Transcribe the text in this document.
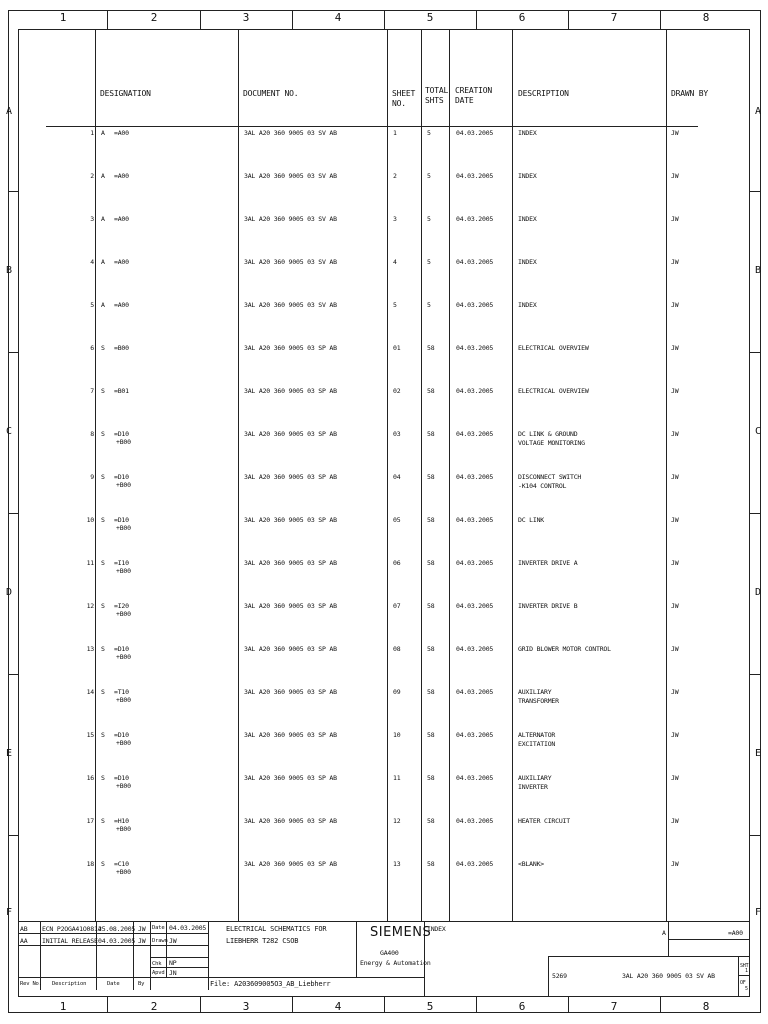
1	2	3	4	5	6	7	8
1	2	3	4	5	6	7	8
A
B
C
D
E
F
A
B
C
D
E
F
DESIGNATION	DOCUMENT NO.	SHEET
NO.
TOTAL
SHTS
CREATION
DATE
DESCRIPTION	DRAWN BY
1 A =A00	3AL A20 360 9005 03 SV AB	1	5	04.03.2005	INDEX	JW
2 A =A00	3AL A20 360 9005 03 SV AB	2	5	04.03.2005	INDEX	JW
3 A =A00	3AL A20 360 9005 03 SV AB	3	5	04.03.2005	INDEX	JW
4 A =A00	3AL A20 360 9005 03 SV AB	4	5	04.03.2005	INDEX	JW
5 A =A00	3AL A20 360 9005 03 SV AB	5	5	04.03.2005	INDEX	JW
6 S =B00	3AL A20 360 9005 03 SP AB	01	58	04.03.2005	ELECTRICAL OVERVIEW	JW
7 S =B01	3AL A20 360 9005 03 SP AB	02	58	04.03.2005	ELECTRICAL OVERVIEW	JW
8 S =D10	3AL A20 360 9005 03 SP AB	03	58	04.03.2005	DC LINK & GROUND	JW
+B00	VOLTAGE MONITORING
9 S =D10	3AL A20 360 9005 03 SP AB	04	58	04.03.2005	DISCONNECT SWITCH	JW
+B00	-K104 CONTROL
10 S =D10	3AL A20 360 9005 03 SP AB	05	58	04.03.2005	DC LINK	JW
+B00
11 S =I10	3AL A20 360 9005 03 SP AB	06	58	04.03.2005	INVERTER DRIVE A	JW
+B00
12 S =I20	3AL A20 360 9005 03 SP AB	07	58	04.03.2005	INVERTER DRIVE B	JW
+B00
13 S =D10	3AL A20 360 9005 03 SP AB	08	58	04.03.2005	GRID BLOWER MOTOR CONTROL	JW
+B00
14 S =T10	3AL A20 360 9005 03 SP AB	09	58	04.03.2005	AUXILIARY	JW
+B00	TRANSFORMER
15 S =D10	3AL A20 360 9005 03 SP AB	10	58	04.03.2005	ALTERNATOR	JW
+B00	EXCITATION
16 S =D10	3AL A20 360 9005 03 SP AB	11	58	04.03.2005	AUXILIARY	JW
+B00	INVERTER
17 S =H10	3AL A20 360 9005 03 SP AB	12	58	04.03.2005	HEATER CIRCUIT	JW
+B00
18 S =C10	3AL A20 360 9005 03 SP AB	13	58	04.03.2005	<BLANK>	JW
+B00
AB ECN P2OGA41O0814
25.08.2005 JW
AA INITIAL RELEASE 04.03.2005 JW
Rev No. Description	Date	By
Date
Drawn
Chk
Apvd
04.03.2005
JW
NP
JN
ELECTRICAL SCHEMATICS FOR
LIEBHERR T282 CSOB
File: A203609005O3_AB_Liebherr
SIEMENS
GA400
Energy & Automation
INDEX	A	=A00
5269	3AL A20 360 9005 03 SV AB
SHT
1
OF
5
